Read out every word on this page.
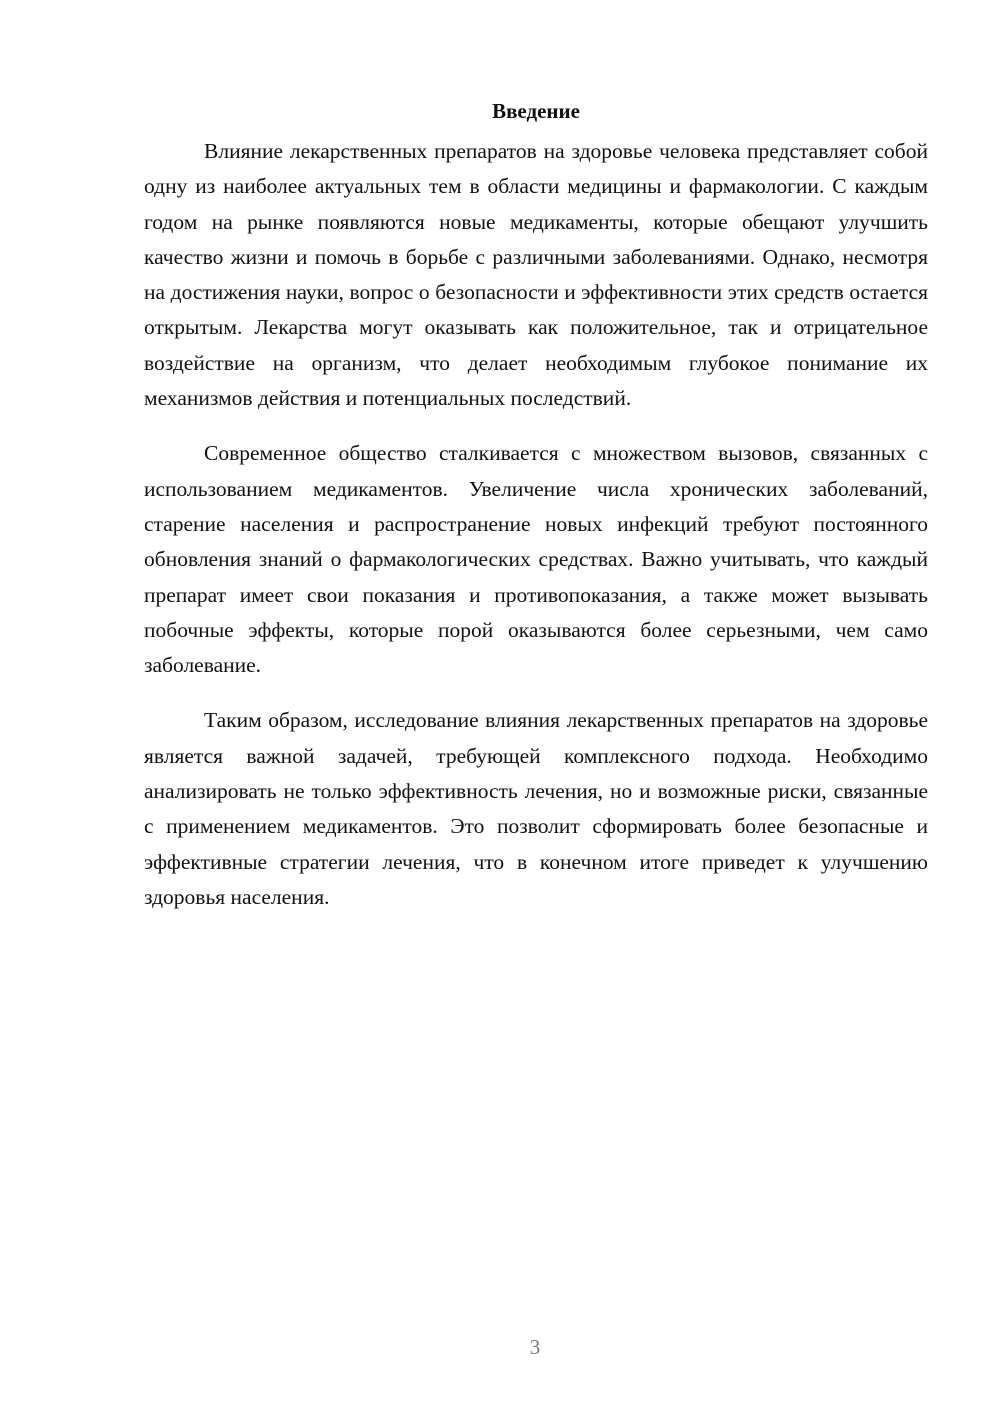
Введение

Влияние лекарственных препаратов на здоровье человека представляет собой одну из наиболее актуальных тем в области медицины и фармакологии. С каждым годом на рынке появляются новые медикаменты, которые обещают улучшить качество жизни и помочь в борьбе с различными заболеваниями. Однако, несмотря на достижения науки, вопрос о безопасности и эффективности этих средств остается открытым. Лекарства могут оказывать как положительное, так и отрицательное воздействие на организм, что делает необходимым глубокое понимание их механизмов действия и потенциальных последствий.

Современное общество сталкивается с множеством вызовов, связанных с использованием медикаментов. Увеличение числа хронических заболеваний, старение населения и распространение новых инфекций требуют постоянного обновления знаний о фармакологических средствах. Важно учитывать, что каждый препарат имеет свои показания и противопоказания, а также может вызывать побочные эффекты, которые порой оказываются более серьезными, чем само заболевание.

Таким образом, исследование влияния лекарственных препаратов на здоровье является важной задачей, требующей комплексного подхода. Необходимо анализировать не только эффективность лечения, но и возможные риски, связанные с применением медикаментов. Это позволит сформировать более безопасные и эффективные стратегии лечения, что в конечном итоге приведет к улучшению здоровья населения.

3
